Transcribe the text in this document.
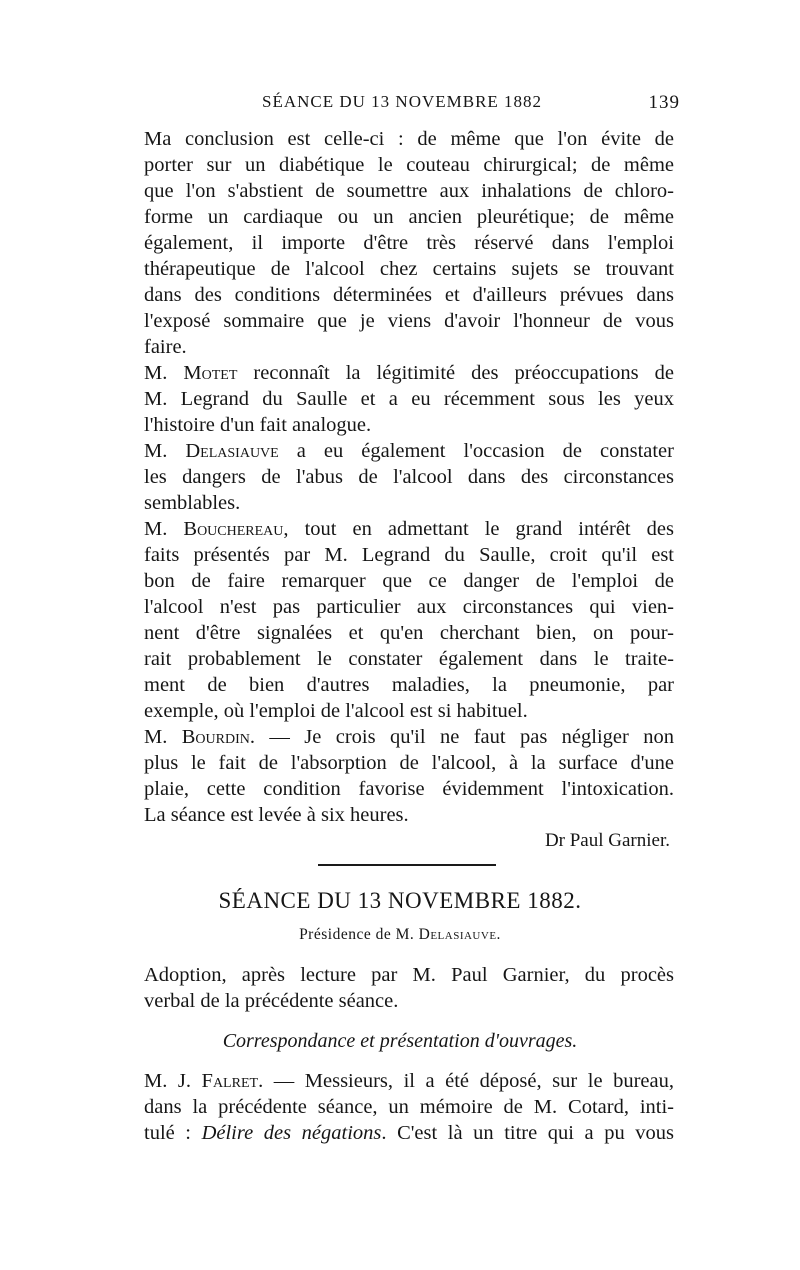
SÉANCE DU 13 NOVEMBRE 1882	139
Ma conclusion est celle-ci : de même que l'on évite de
porter sur un diabétique le couteau chirurgical; de même
que l'on s'abstient de soumettre aux inhalations de chloro-
forme un cardiaque ou un ancien pleurétique; de même
également, il importe d'être très réservé dans l'emploi
thérapeutique de l'alcool chez certains sujets se trouvant
dans des conditions déterminées et d'ailleurs prévues dans
l'exposé sommaire que je viens d'avoir l'honneur de vous
faire.
M. Motet reconnaît la légitimité des préoccupations de
M. Legrand du Saulle et a eu récemment sous les yeux
l'histoire d'un fait analogue.
M. Delasiauve a eu également l'occasion de constater
les dangers de l'abus de l'alcool dans des circonstances
semblables.
M. Bouchereau, tout en admettant le grand intérêt des
faits présentés par M. Legrand du Saulle, croit qu'il est
bon de faire remarquer que ce danger de l'emploi de
l'alcool n'est pas particulier aux circonstances qui vien-
nent d'être signalées et qu'en cherchant bien, on pour-
rait probablement le constater également dans le traite-
ment de bien d'autres maladies, la pneumonie, par
exemple, où l'emploi de l'alcool est si habituel.
M. Bourdin. — Je crois qu'il ne faut pas négliger non
plus le fait de l'absorption de l'alcool, à la surface d'une
plaie, cette condition favorise évidemment l'intoxication.
La séance est levée à six heures.
Dr Paul Garnier.
SÉANCE DU 13 NOVEMBRE 1882.
Présidence de M. Delasiauve.
Adoption, après lecture par M. Paul Garnier, du procès
verbal de la précédente séance.
Correspondance et présentation d'ouvrages.
M. J. Falret. — Messieurs, il a été déposé, sur le bureau,
dans la précédente séance, un mémoire de M. Cotard, inti-
tulé : Délire des négations. C'est là un titre qui a pu vous
